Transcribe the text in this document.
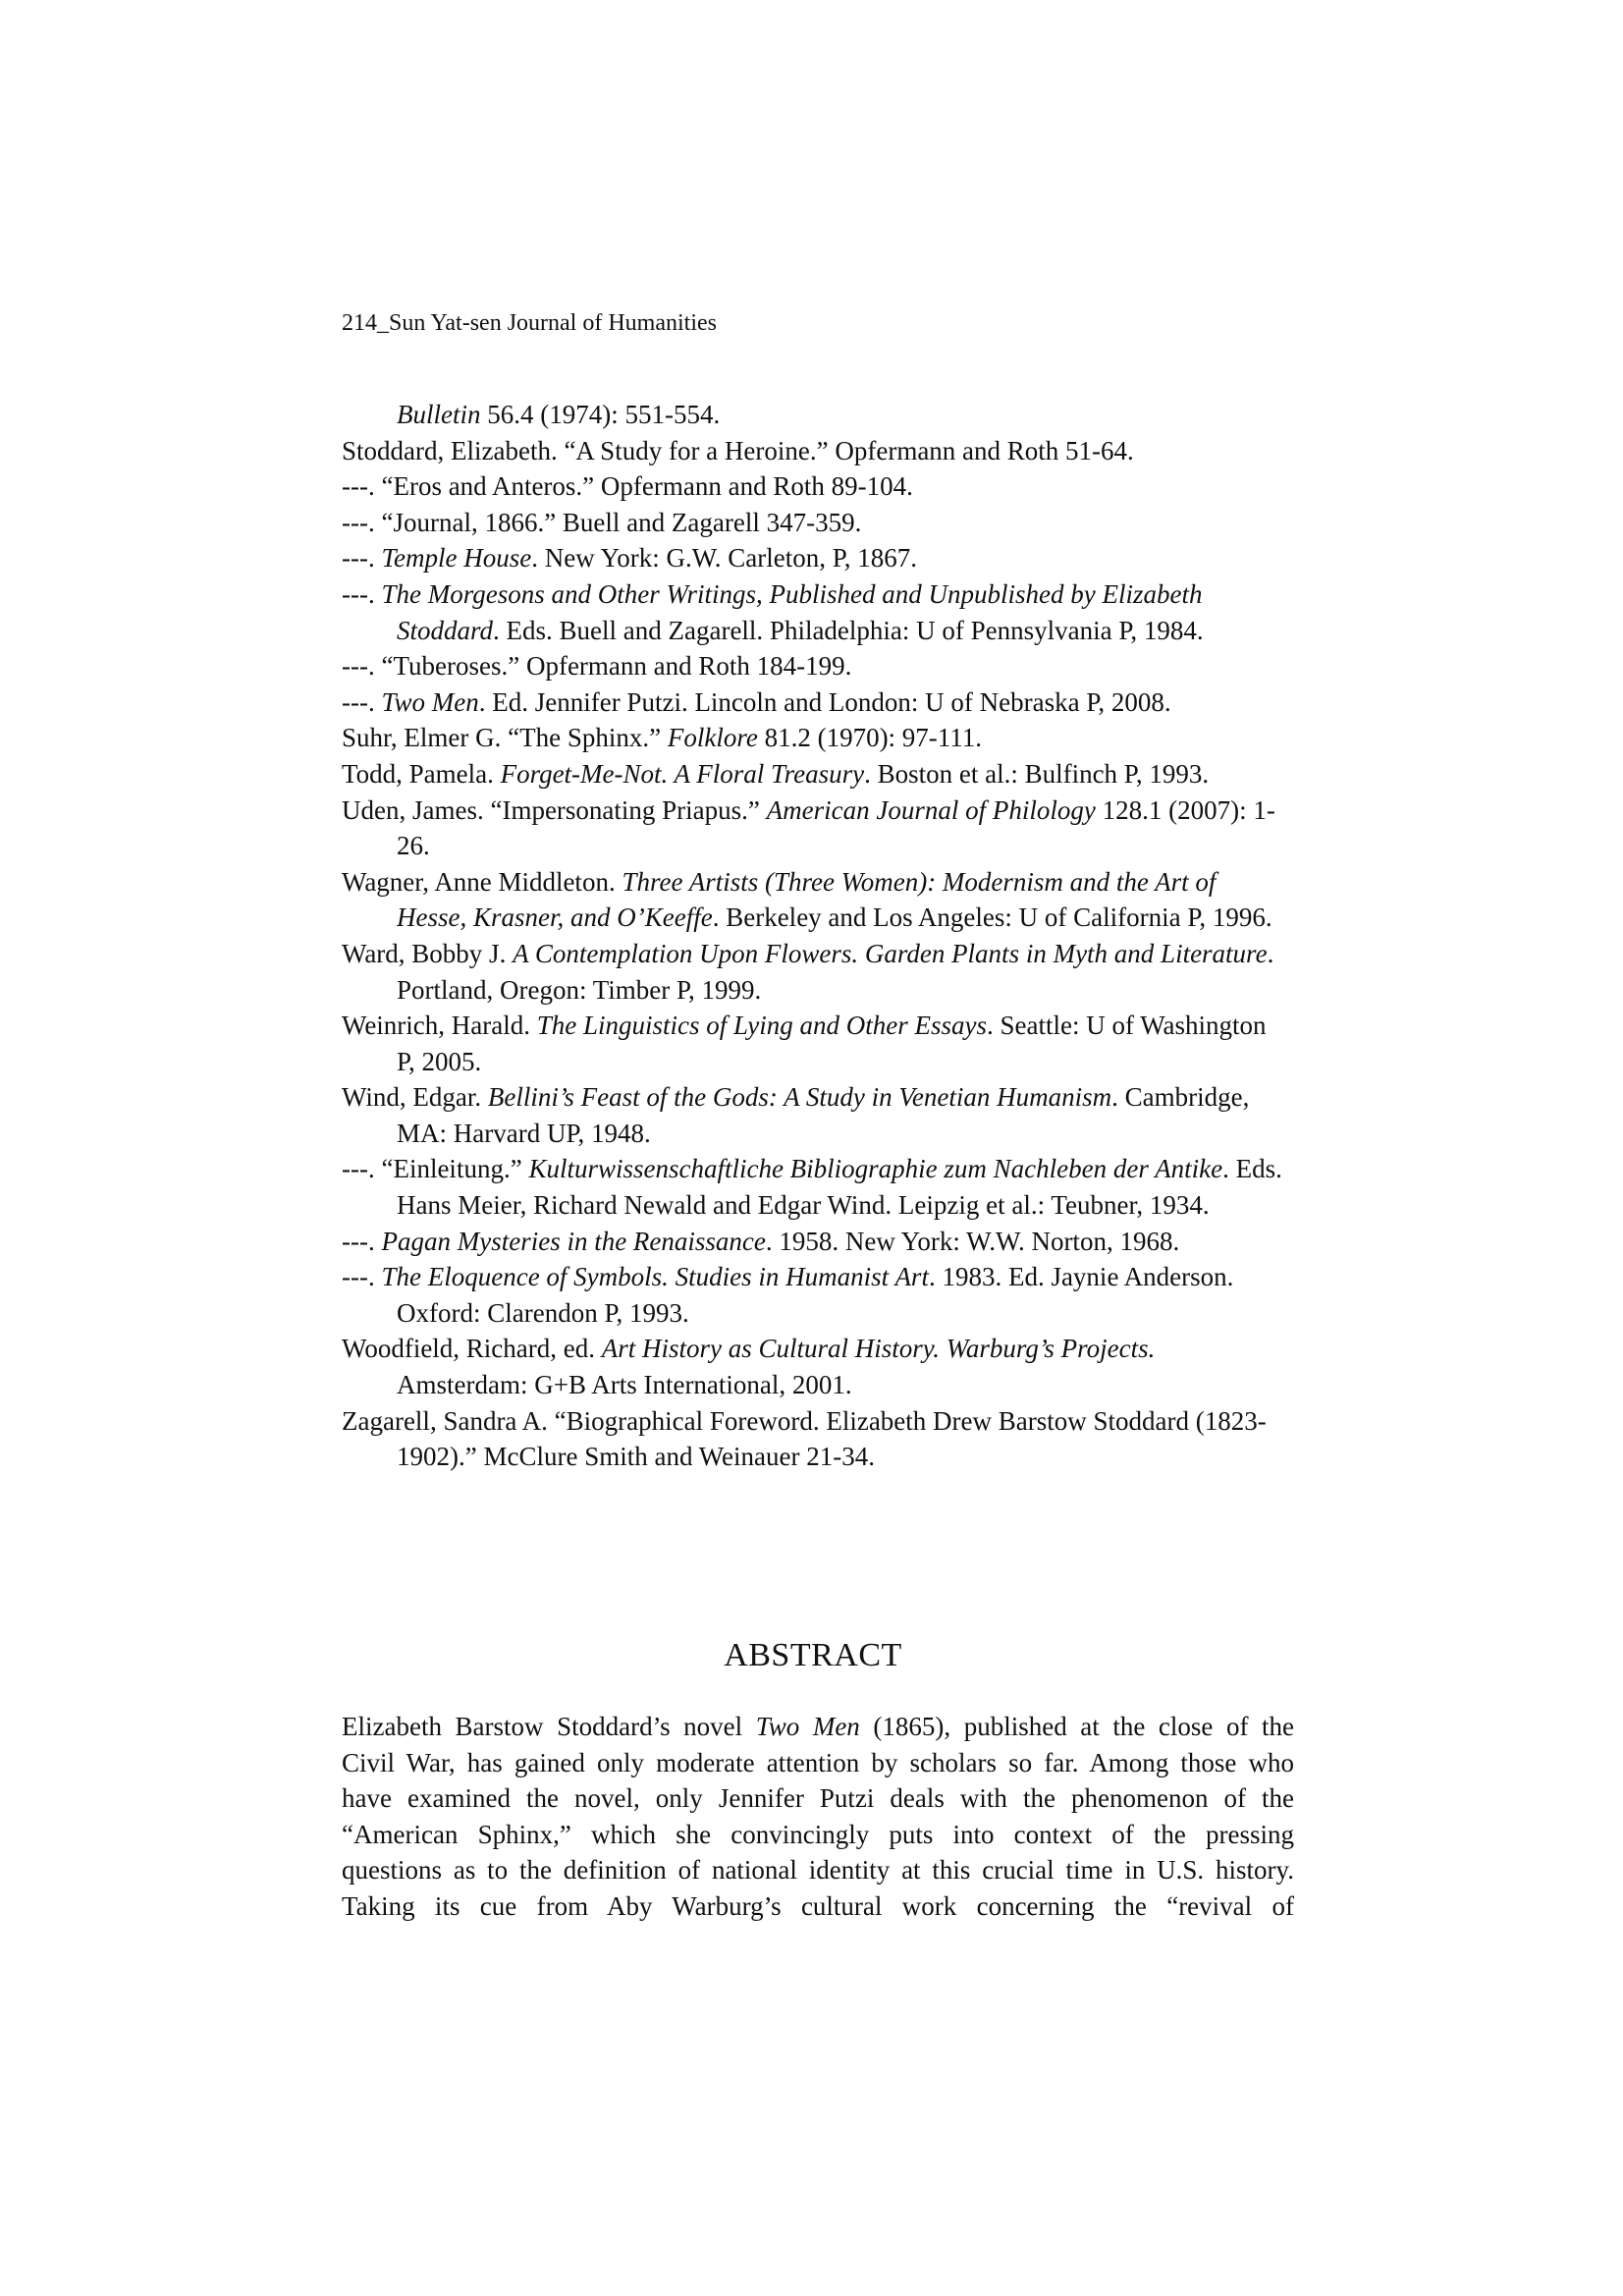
214_Sun Yat-sen Journal of Humanities
Bulletin 56.4 (1974): 551-554.
Stoddard, Elizabeth. “A Study for a Heroine.” Opfermann and Roth 51-64.
---. “Eros and Anteros.” Opfermann and Roth 89-104.
---. “Journal, 1866.” Buell and Zagarell 347-359.
---. Temple House. New York: G.W. Carleton, P, 1867.
---. The Morgesons and Other Writings, Published and Unpublished by Elizabeth Stoddard. Eds. Buell and Zagarell. Philadelphia: U of Pennsylvania P, 1984.
---. “Tuberoses.” Opfermann and Roth 184-199.
---. Two Men. Ed. Jennifer Putzi. Lincoln and London: U of Nebraska P, 2008.
Suhr, Elmer G. “The Sphinx.” Folklore 81.2 (1970): 97-111.
Todd, Pamela. Forget-Me-Not. A Floral Treasury. Boston et al.: Bulfinch P, 1993.
Uden, James. “Impersonating Priapus.” American Journal of Philology 128.1 (2007): 1-26.
Wagner, Anne Middleton. Three Artists (Three Women): Modernism and the Art of Hesse, Krasner, and O’Keeffe. Berkeley and Los Angeles: U of California P, 1996.
Ward, Bobby J. A Contemplation Upon Flowers. Garden Plants in Myth and Literature. Portland, Oregon: Timber P, 1999.
Weinrich, Harald. The Linguistics of Lying and Other Essays. Seattle: U of Washington P, 2005.
Wind, Edgar. Bellini’s Feast of the Gods: A Study in Venetian Humanism. Cambridge, MA: Harvard UP, 1948.
---. “Einleitung.” Kulturwissenschaftliche Bibliographie zum Nachleben der Antike. Eds. Hans Meier, Richard Newald and Edgar Wind. Leipzig et al.: Teubner, 1934.
---. Pagan Mysteries in the Renaissance. 1958. New York: W.W. Norton, 1968.
---. The Eloquence of Symbols. Studies in Humanist Art. 1983. Ed. Jaynie Anderson. Oxford: Clarendon P, 1993.
Woodfield, Richard, ed. Art History as Cultural History. Warburg’s Projects. Amsterdam: G+B Arts International, 2001.
Zagarell, Sandra A. “Biographical Foreword. Elizabeth Drew Barstow Stoddard (1823-1902).” McClure Smith and Weinauer 21-34.
ABSTRACT
Elizabeth Barstow Stoddard’s novel Two Men (1865), published at the close of the
Civil War, has gained only moderate attention by scholars so far. Among those who
have examined the novel, only Jennifer Putzi deals with the phenomenon of the
“American Sphinx,” which she convincingly puts into context of the pressing
questions as to the definition of national identity at this crucial time in U.S. history.
Taking its cue from Aby Warburg’s cultural work concerning the “revival of
